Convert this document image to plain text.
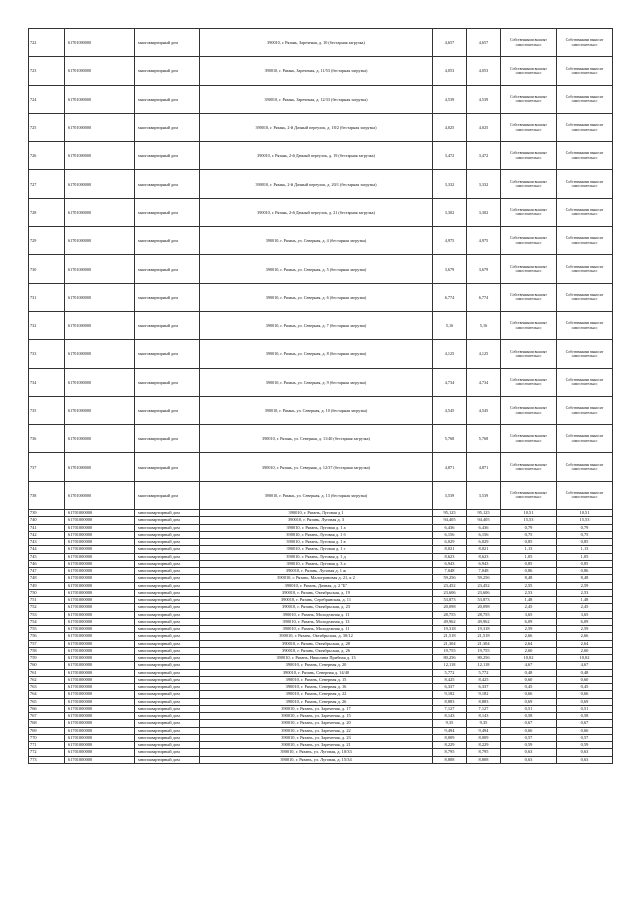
722	61701000000	многоквартирный дом	390010, г. Рязань, Зареченая, д. 10 (бестарная загрузка)	4,657	4,657	Собственными вышлят самостоятельн о	Собственными выносят самостоятельн о
723	61701000000	многоквартирный дом	390010, г. Рязань, Зареченая, д. 11/53 (бестарная загрузка)	4,053	4,053	Собственными вышлят самостоятельн о	Собственными выносят самостоятельн о
724	61701000000	многоквартирный дом	390010, г. Рязань, Зареченая, д. 12/33 (бестарная загрузка)	4,539	4,539	Собственными вышлят самостоятельн о	Собственными выносят самостоятельн о
725	61701000000	многоквартирный дом	390010, г. Рязань, 2-й Дачный переулок, д. 18/2 (бестарная загрузка)	4,025	4,025	Собственными вышлят самостоятельн о	Собственными выносят самостоятельн о
726	61701000000	многоквартирный дом	390010, г. Рязань, 2-й Дачный переулок, д. 19 (бестарная загрузка)	3,472	3,472	Собственными вышлят самостоятельн о	Собственными выносят самостоятельн о
727	61701000000	многоквартирный дом	390010, г. Рязань, 2-й Дачный переулок, д. 20/1 (бестарная загрузка)	3,332	3,332	Собственными вышлят самостоятельн о	Собственными выносят самостоятельн о
728	61701000000	многоквартирный дом	390010, г. Рязань, 2-й Дачный переулок, д. 21 (бестарная загрузка)	3,302	3,302	Собственными вышлят самостоятельн о	Собственными выносят самостоятельн о
729	61701000000	многоквартирный дом	390010, г. Рязань, ул. Северная, д. 4 (бестарная загрузка)	4,975	4,975	Собственными вышлят самостоятельн о	Собственными выносят самостоятельн о
730	61701000000	многоквартирный дом	390010, г. Рязань, ул. Северная, д. 5 (бестарная загрузка)	3,679	3,679	Собственными вышлят самостоятельн о	Собственными выносят самостоятельн о
731	61701000000	многоквартирный дом	390010, г. Рязань, ул. Северная, д. 6 (бестарная загрузка)	6,774	6,774	Собственными вышлят самостоятельн о	Собственными выносят самостоятельн о
732	61701000000	многоквартирный дом	390010, г. Рязань, ул. Северная, д. 7 (бестарная загрузка)	5,16	5,16	Собственными вышлят самостоятельн о	Собственными выносят самостоятельн о
733	61701000000	многоквартирный дом	390010, г. Рязань, ул. Северная, д. 8 (бестарная загрузка)	4,125	4,125	Собственными вышлят самостоятельн о	Собственными выносят самостоятельн о
734	61701000000	многоквартирный дом	390010, г. Рязань, ул. Северная, д. 9 (бестарная загрузка)	4,734	4,734	Собственными вышлят самостоятельн о	Собственными выносят самостоятельн о
735	61701000000	многоквартирный дом	390010, г. Рязань, ул. Северная, д. 10 (бестарная загрузка)	4,545	4,545	Собственными вышлят самостоятельн о	Собственными выносят самостоятельн о
736	61701000000	многоквартирный дом	390010, г. Рязань, ул. Северная, д. 11/40 (бестарная загрузка)	5,768	5,768	Собственными вышлят самостоятельн о	Собственными выносят самостоятельн о
737	61701000000	многоквартирный дом	390010, г. Рязань, ул. Северная, д. 12/37 (бестарная загрузка)	4,871	4,871	Собственными вышлят самостоятельн о	Собственными выносят самостоятельн о
738	61701000000	многоквартирный дом	390010, г. Рязань, ул. Северная, д. 13 (бестарная загрузка)	3,539	3,539	Собственными вышлят самостоятельн о	Собственными выносят самостоятельн о
739	61701000000	многоквартирный дом	390010, г. Рязань, Луговая д 1	95,125	95,125	10,51	10,51
740	61701000000	многоквартирный дом	390010, г. Рязань, Луговая д. 3	94,405	94,405	15,53	15,53
741	61701000000	многоквартирный дом	390010, г. Рязань, Луговая д. 1 а	6,436	6,436	0,79	0,79
742	61701000000	многоквартирный дом	390010, г. Рязань, Луговая д. 1 б	6,156	6,156	0,75	0,75
743	61701000000	многоквартирный дом	390010, г. Рязань, Луговая д. 1 в	6,029	6,029	0,85	0,85
744	61701000000	многоквартирный дом	390010, г. Рязань, Луговая д. 1 г	8,021	8,021	1,13	1,13
745	61701000000	многоквартирный дом	390010, г. Рязань, Луговая д. 1 д	8,623	8,623	1,05	1,05
746	61701000000	многоквартирный дом	390010, г. Рязань, Луговая д. 3 а	6,943	6,943	0,85	0,85
747	61701000000	многоквартирный дом	390010, г. Рязань, Луговая д. 1 ж	7,048	7,048	0,86	0,86
748	61701000000	многоквартирный дом	390010, г. Рязань, Малограновая д. 21, к 2	59,256	59,256	8,48	8,48
749	61701000000	многоквартирный дом	390010, г. Рязань, Дачная, д. 2 "Б"	23,452	23,452	2,55	2,59
750	61701000000	многоквартирный дом	390010, г. Рязань, Октябрьская, д. 19	23,606	23,606	2,53	2,53
751	61701000000	многоквартирный дом	390010, г. Рязань, Серебрянская, д. 11	53,873	53,873	1,48	1,48
752	61701000000	многоквартирный дом	390010, г. Рязань, Октябрьская, д. 23	20,098	20,098	2,45	2,45
753	61701000000	многоквартирный дом	390010, г. Рязань, Молодежная д. 11	28,755	28,755	3,65	3,65
754	61701000000	многоквартирный дом	390010, г. Рязань, Молодежная д. 13	49,962	49,962	6,09	6,09
755	61701000000	многоквартирный дом	390010, г. Рязань, Молодежная д. 11	19,318	19,318	2,59	2,59
756	61701000000	многоквартирный дом	390010, г. Рязань, Октябрьская, д. 30/12	21,518	21,518	2,66	2,66
757	61701000000	многоквартирный дом	390010, г. Рязань, Октябрьская, д. 28	21,304	21,304	2,64	2,64
758	61701000000	многоквартирный дом	390010, г. Рязань, Октябрьская, д. 26	19,755	19,755	2,60	2,60
759	61701000000	многоквартирный дом	390010, г. Рязань, Николина Прибная д. 13	80,256	80,256	10,02	10,02
760	61701000000	многоквартирный дом	390010, г. Рязань, Северная д. 20	12,118	12,118	4,67	4,67
761	61701000000	многоквартирный дом	390010, г. Рязань, Северная д. 14/40	5,772	5,772	0,48	0,48
762	61701000000	многоквартирный дом	390010, г. Рязань, Северная д. 15	8,425	8,425	0,60	0,60
763	61701000000	многоквартирный дом	390010, г. Рязань, Северная д. 16	6,337	6,337	0,45	0,45
764	61701000000	многоквартирный дом	390010, г. Рязань, Северная д. 22	9,182	9,182	0,66	0,66
765	61701000000	многоквартирный дом	390010, г. Рязань, Северная д. 26	8,883	8,883	0,69	0,69
766	61701000000	многоквартирный дом	390010, г. Рязань, ул. Зареченая, д. 17	7,127	7,127	0,51	0,51
767	61701000000	многоквартирный дом	390010, г. Рязань, ул. Зареченая, д. 15	8,143	8,143	0,58	0,58
768	61701000000	многоквартирный дом	390010, г. Рязань, ул. Зареченая, д. 20	9,35	9,35	0,67	0,67
769	61701000000	многоквартирный дом	390010, г. Рязань, ул. Зареченая, д. 22	9,494	9,494	0,66	0,66
770	61701000000	многоквартирный дом	390010, г. Рязань, ул. Зареченая, д. 23	8,009	8,009	0,57	0,57
771	61701000000	многоквартирный дом	390010, г. Рязань, ул. Зареченая, д. 21	8,229	8,229	0,59	0,59
772	61701000000	многоквартирный дом	390010, г. Рязань, ул. Луговая, д. 10/33	8,795	8,795	0,63	0,63
773	61701000000	многоквартирный дом	390010, г. Рязань, ул. Луговая, д. 15/34	8,808	8,808	0,63	0,63
